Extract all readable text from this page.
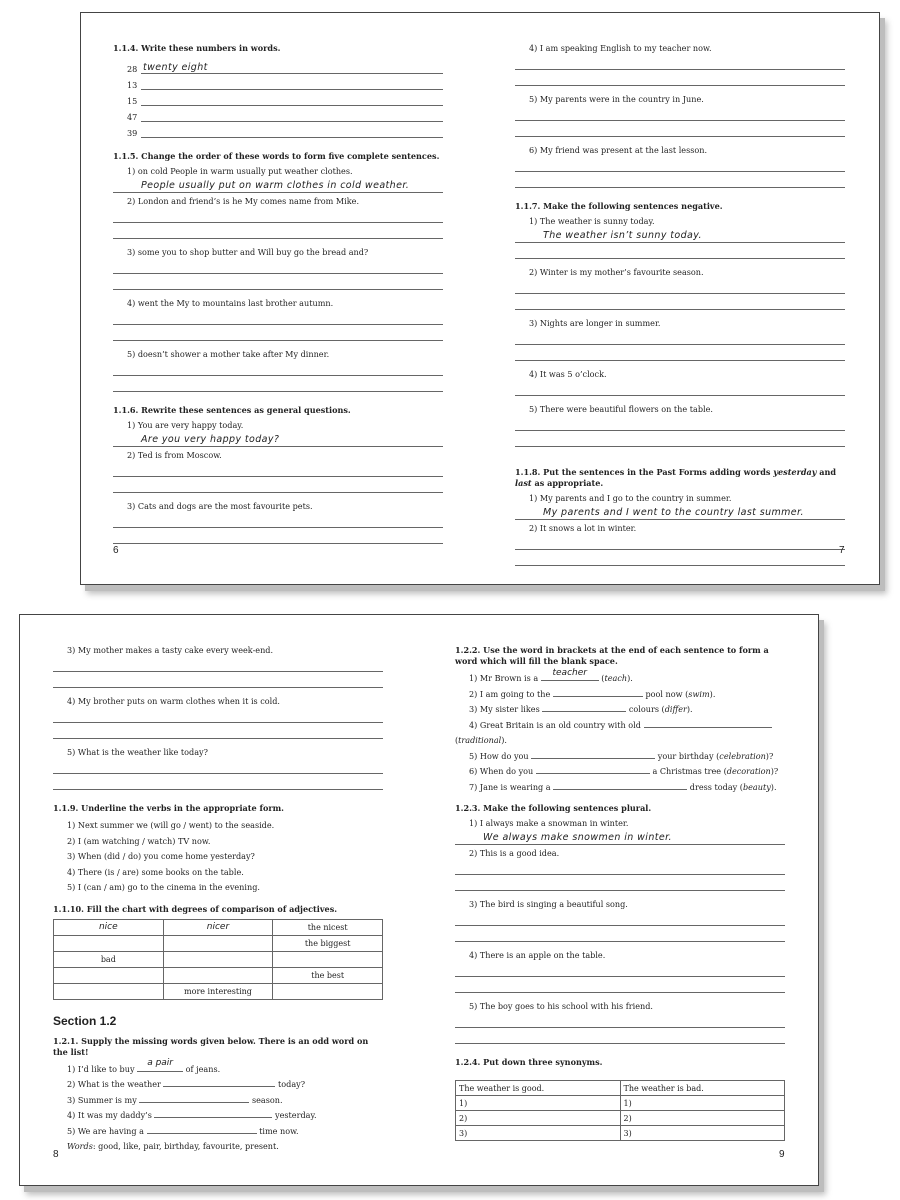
1.1.4. Write these numbers in words.
28 twenty eight
13
15
47
39
1.1.5. Change the order of these words to form five complete sentences.
1) on cold People in warm usually put weather clothes.
People usually put on warm clothes in cold weather.
2) London and friend’s is he My comes name from Mike.
3) some you to shop butter and Will buy go the bread and?
4) went the My to mountains last brother autumn.
5) doesn’t shower a mother take after My dinner.
1.1.6. Rewrite these sentences as general questions.
1) You are very happy today.
Are you very happy today?
2) Ted is from Moscow.
3) Cats and dogs are the most favourite pets.
6
4) I am speaking English to my teacher now.
5) My parents were in the country in June.
6) My friend was present at the last lesson.
1.1.7. Make the following sentences negative.
1) The weather is sunny today.
The weather isn’t sunny today.
2) Winter is my mother’s favourite season.
3) Nights are longer in summer.
4) It was 5 o’clock.
5) There were beautiful flowers on the table.
1.1.8. Put the sentences in the Past Forms adding words yesterday and last as appropriate.
1) My parents and I go to the country in summer.
My parents and I went to the country last summer.
2) It snows a lot in winter.
7
3) My mother makes a tasty cake every week-end.
4) My brother puts on warm clothes when it is cold.
5) What is the weather like today?
1.1.9. Underline the verbs in the appropriate form.
1) Next summer we (will go / went) to the seaside.
2) I (am watching / watch) TV now.
3) When (did / do) you come home yesterday?
4) There (is / are) some books on the table.
5) I (can / am) go to the cinema in the evening.
1.1.10. Fill the chart with degrees of comparison of adjectives.
nice	nicer	the nicest
		the biggest
bad		
		the best
	more interesting	
Section 1.2
1.2.1. Supply the missing words given below. There is an odd word on the list!
1) I’d like to buy
a pair
of jeans.
2) What is the weather	today?
3) Summer is my	season.
4) It was my daddy’s	yesterday.
5) We are having a	time now.
Words: good, like, pair, birthday, favourite, present.
8
1.2.2. Use the word in brackets at the end of each sentence to form a word which will fill the blank space.
1) Mr Brown is a
teacher
(teach).
2) I am going to the	pool now (swim).
3) My sister likes	colours (differ).
4) Great Britain is an old country with old
(traditional).
5) How do you	your birthday (celebration)?
6) When do you	a Christmas tree (decoration)?
7) Jane is wearing a	dress today (beauty).
1.2.3. Make the following sentences plural.
1) I always make a snowman in winter.
We always make snowmen in winter.
2) This is a good idea.
3) The bird is singing a beautiful song.
4) There is an apple on the table.
5) The boy goes to his school with his friend.
1.2.4. Put down three synonyms.
The weather is good.	The weather is bad.
1)	1)
2)	2)
3)	3)
9
